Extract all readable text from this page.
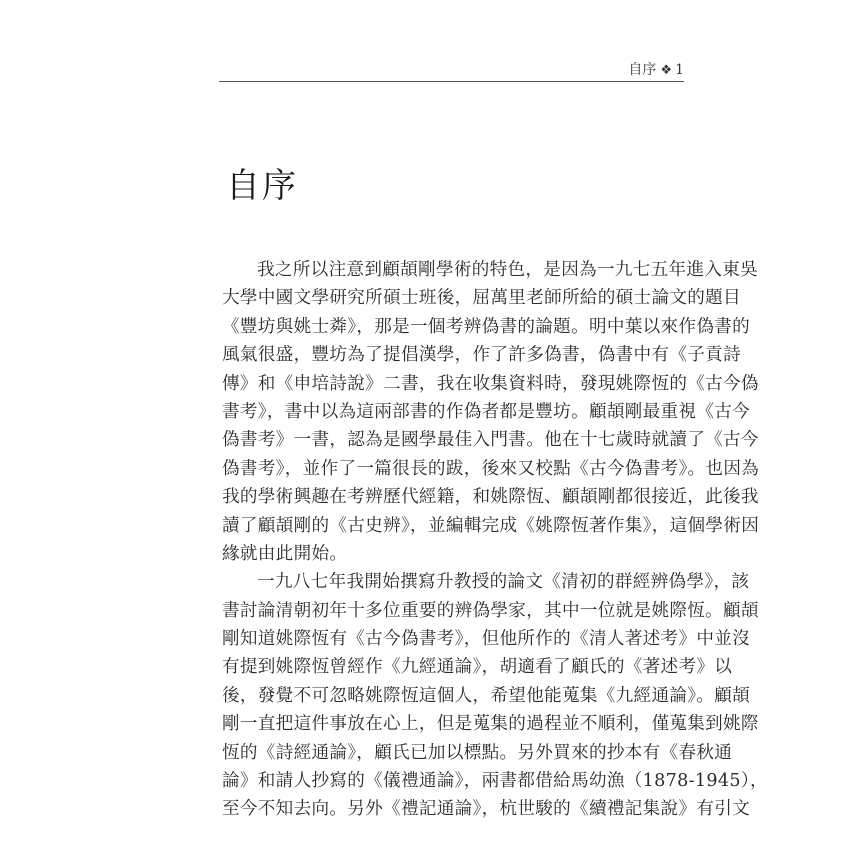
自序 ❖ 1
自序
我之所以注意到顧頡剛學術的特色，是因為一九七五年進入東吳
大學中國文學研究所碩士班後，屈萬里老師所給的碩士論文的題目
《豐坊與姚士粦》，那是一個考辨偽書的論題。明中葉以來作偽書的
風氣很盛，豐坊為了提倡漢學，作了許多偽書，偽書中有《子貢詩
傳》和《申培詩說》二書，我在收集資料時，發現姚際恆的《古今偽
書考》，書中以為這兩部書的作偽者都是豐坊。顧頡剛最重視《古今
偽書考》一書，認為是國學最佳入門書。他在十七歲時就讀了《古今
偽書考》，並作了一篇很長的跋，後來又校點《古今偽書考》。也因為
我的學術興趣在考辨歷代經籍，和姚際恆、顧頡剛都很接近，此後我
讀了顧頡剛的《古史辨》，並編輯完成《姚際恆著作集》，這個學術因
緣就由此開始。
一九八七年我開始撰寫升教授的論文《清初的群經辨偽學》，該
書討論清朝初年十多位重要的辨偽學家，其中一位就是姚際恆。顧頡
剛知道姚際恆有《古今偽書考》，但他所作的《清人著述考》中並沒
有提到姚際恆曾經作《九經通論》，胡適看了顧氏的《著述考》以
後，發覺不可忽略姚際恆這個人，希望他能蒐集《九經通論》。顧頡
剛一直把這件事放在心上，但是蒐集的過程並不順利，僅蒐集到姚際
恆的《詩經通論》，顧氏已加以標點。另外買來的抄本有《春秋通
論》和請人抄寫的《儀禮通論》，兩書都借給馬幼漁（1878-1945），
至今不知去向。另外《禮記通論》，杭世駿的《續禮記集說》有引文
